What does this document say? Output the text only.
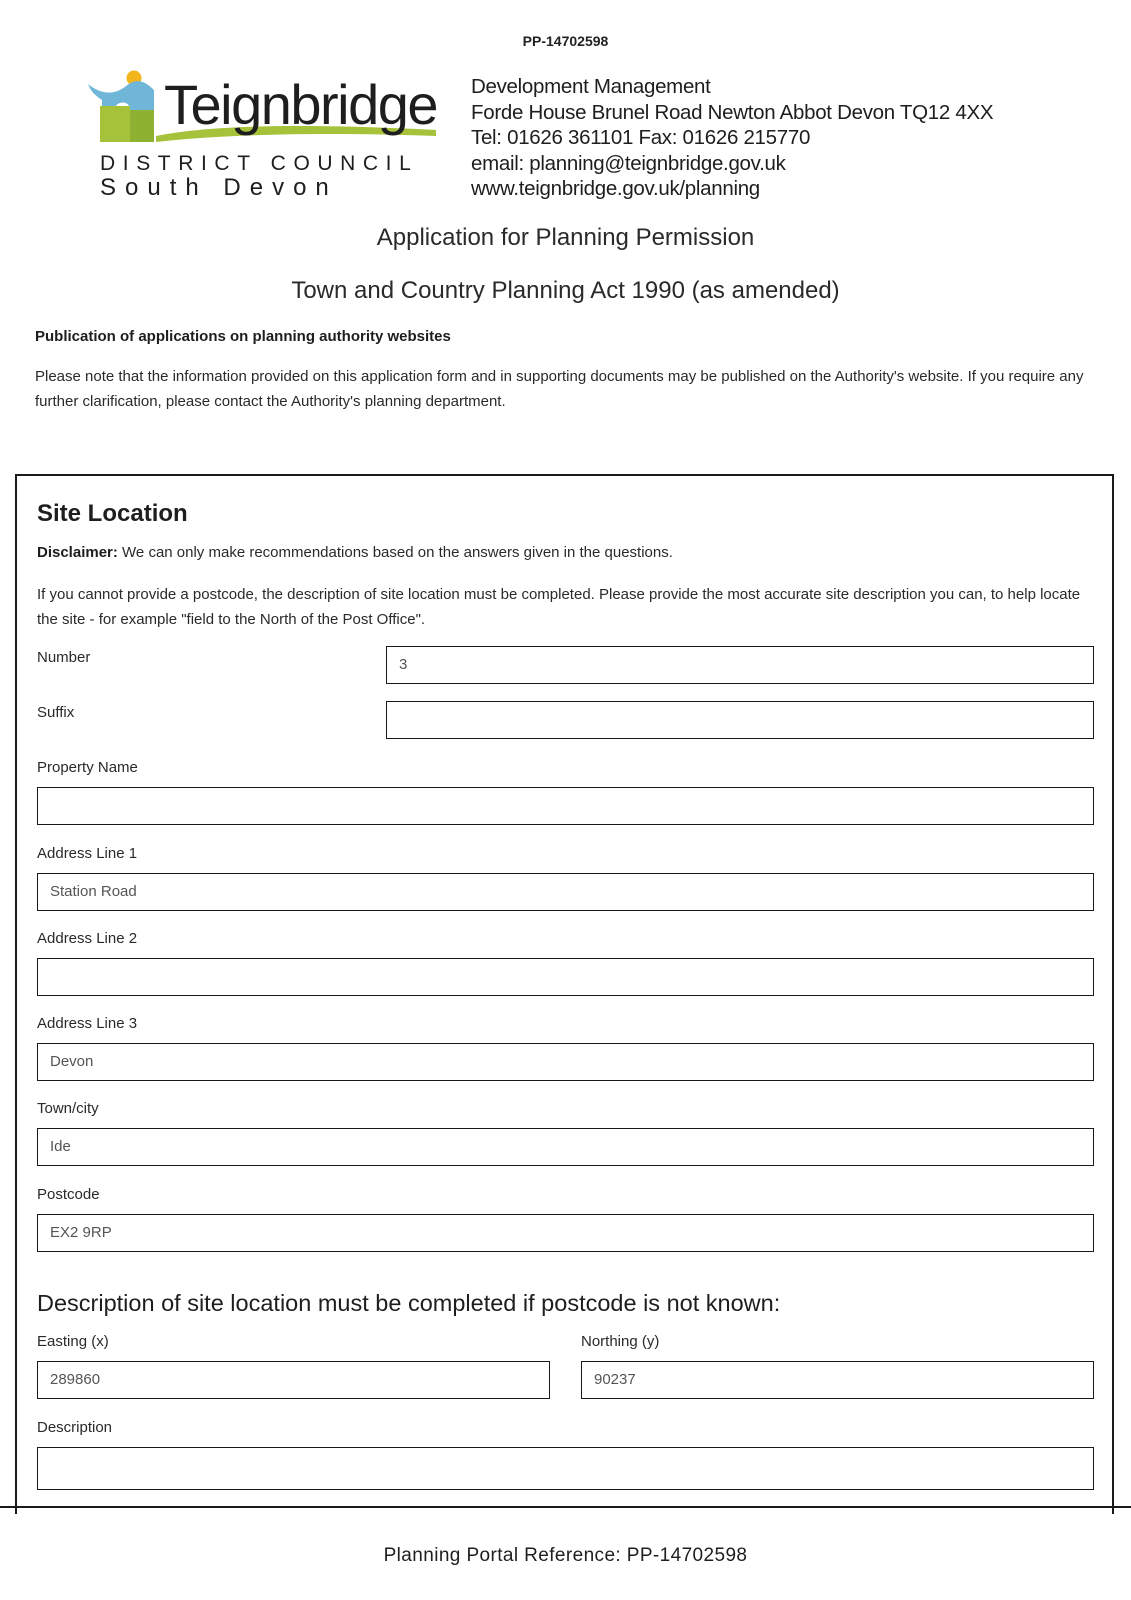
PP-14702598
Teignbridge
DISTRICT COUNCIL
South Devon
Development Management
Forde House Brunel Road Newton Abbot Devon TQ12 4XX
Tel: 01626 361101 Fax: 01626 215770
email: planning@teignbridge.gov.uk
www.teignbridge.gov.uk/planning
Application for Planning Permission
Town and Country Planning Act 1990 (as amended)
Publication of applications on planning authority websites
Please note that the information provided on this application form and in supporting documents may be published on the Authority's website. If you require any further clarification, please contact the Authority's planning department.
Site Location
Disclaimer: We can only make recommendations based on the answers given in the questions.
If you cannot provide a postcode, the description of site location must be completed. Please provide the most accurate site description you can, to help locate the site - for example "field to the North of the Post Office".
Number	3
Suffix
Property Name
Address Line 1
Station Road
Address Line 2
Address Line 3
Devon
Town/city
Ide
Postcode
EX2 9RP
Description of site location must be completed if postcode is not known:
Easting (x)
289860
Northing (y)
90237
Description
Planning Portal Reference: PP-14702598
